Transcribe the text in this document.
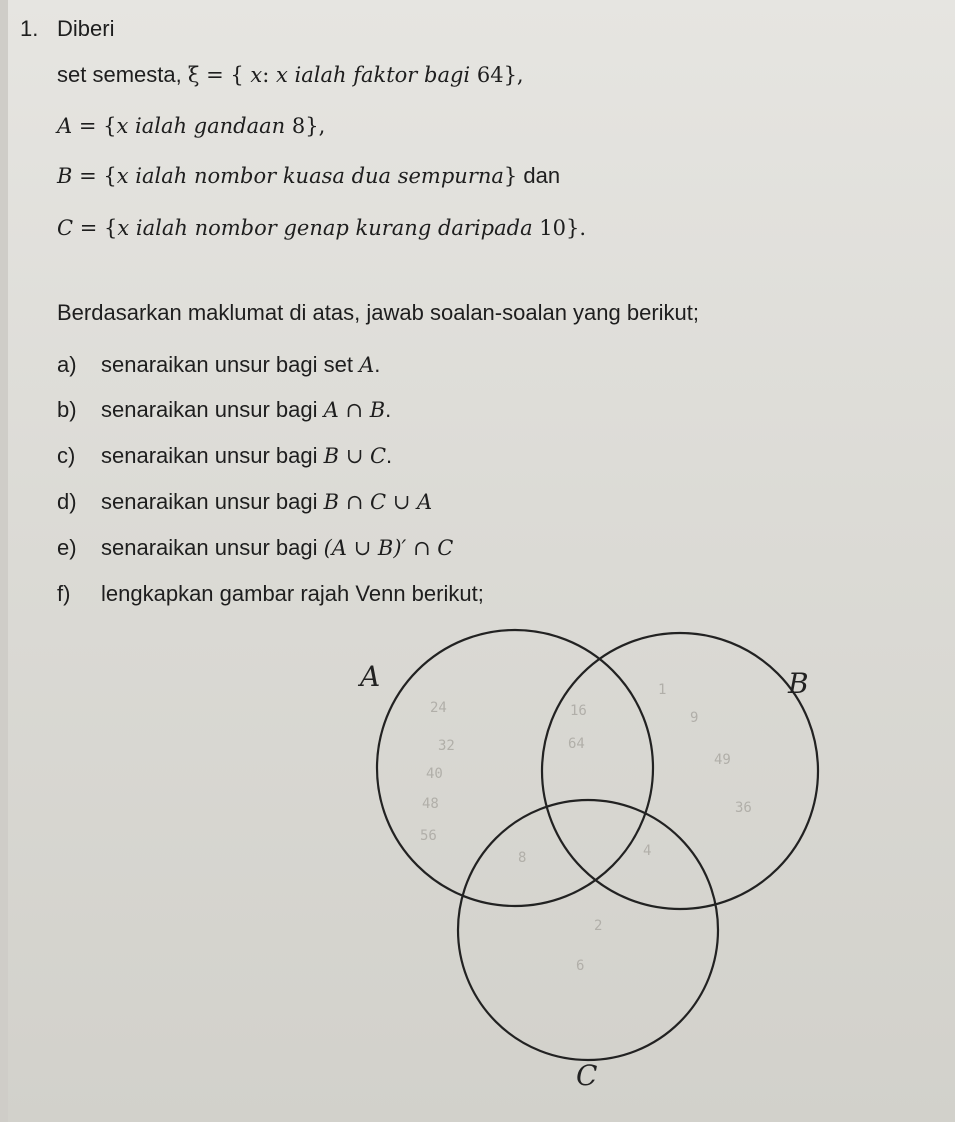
1. Diberi
set semesta, ξ = { x: x ialah faktor bagi 64},
A = {x ialah gandaan 8},
B = {x ialah nombor kuasa dua sempurna} dan
C = {x ialah nombor genap kurang daripada 10}.
Berdasarkan maklumat di atas, jawab soalan-soalan yang berikut;
a) senaraikan unsur bagi set A.
b) senaraikan unsur bagi A ∩ B.
c) senaraikan unsur bagi B ∪ C.
d) senaraikan unsur bagi B ∩ C ∪ A
e) senaraikan unsur bagi (A ∪ B)′ ∩ C
f) lengkapkan gambar rajah Venn berikut;
A	B
C
24
32
40
48
56
16
64
1
9
49
36
8	4
2
6
